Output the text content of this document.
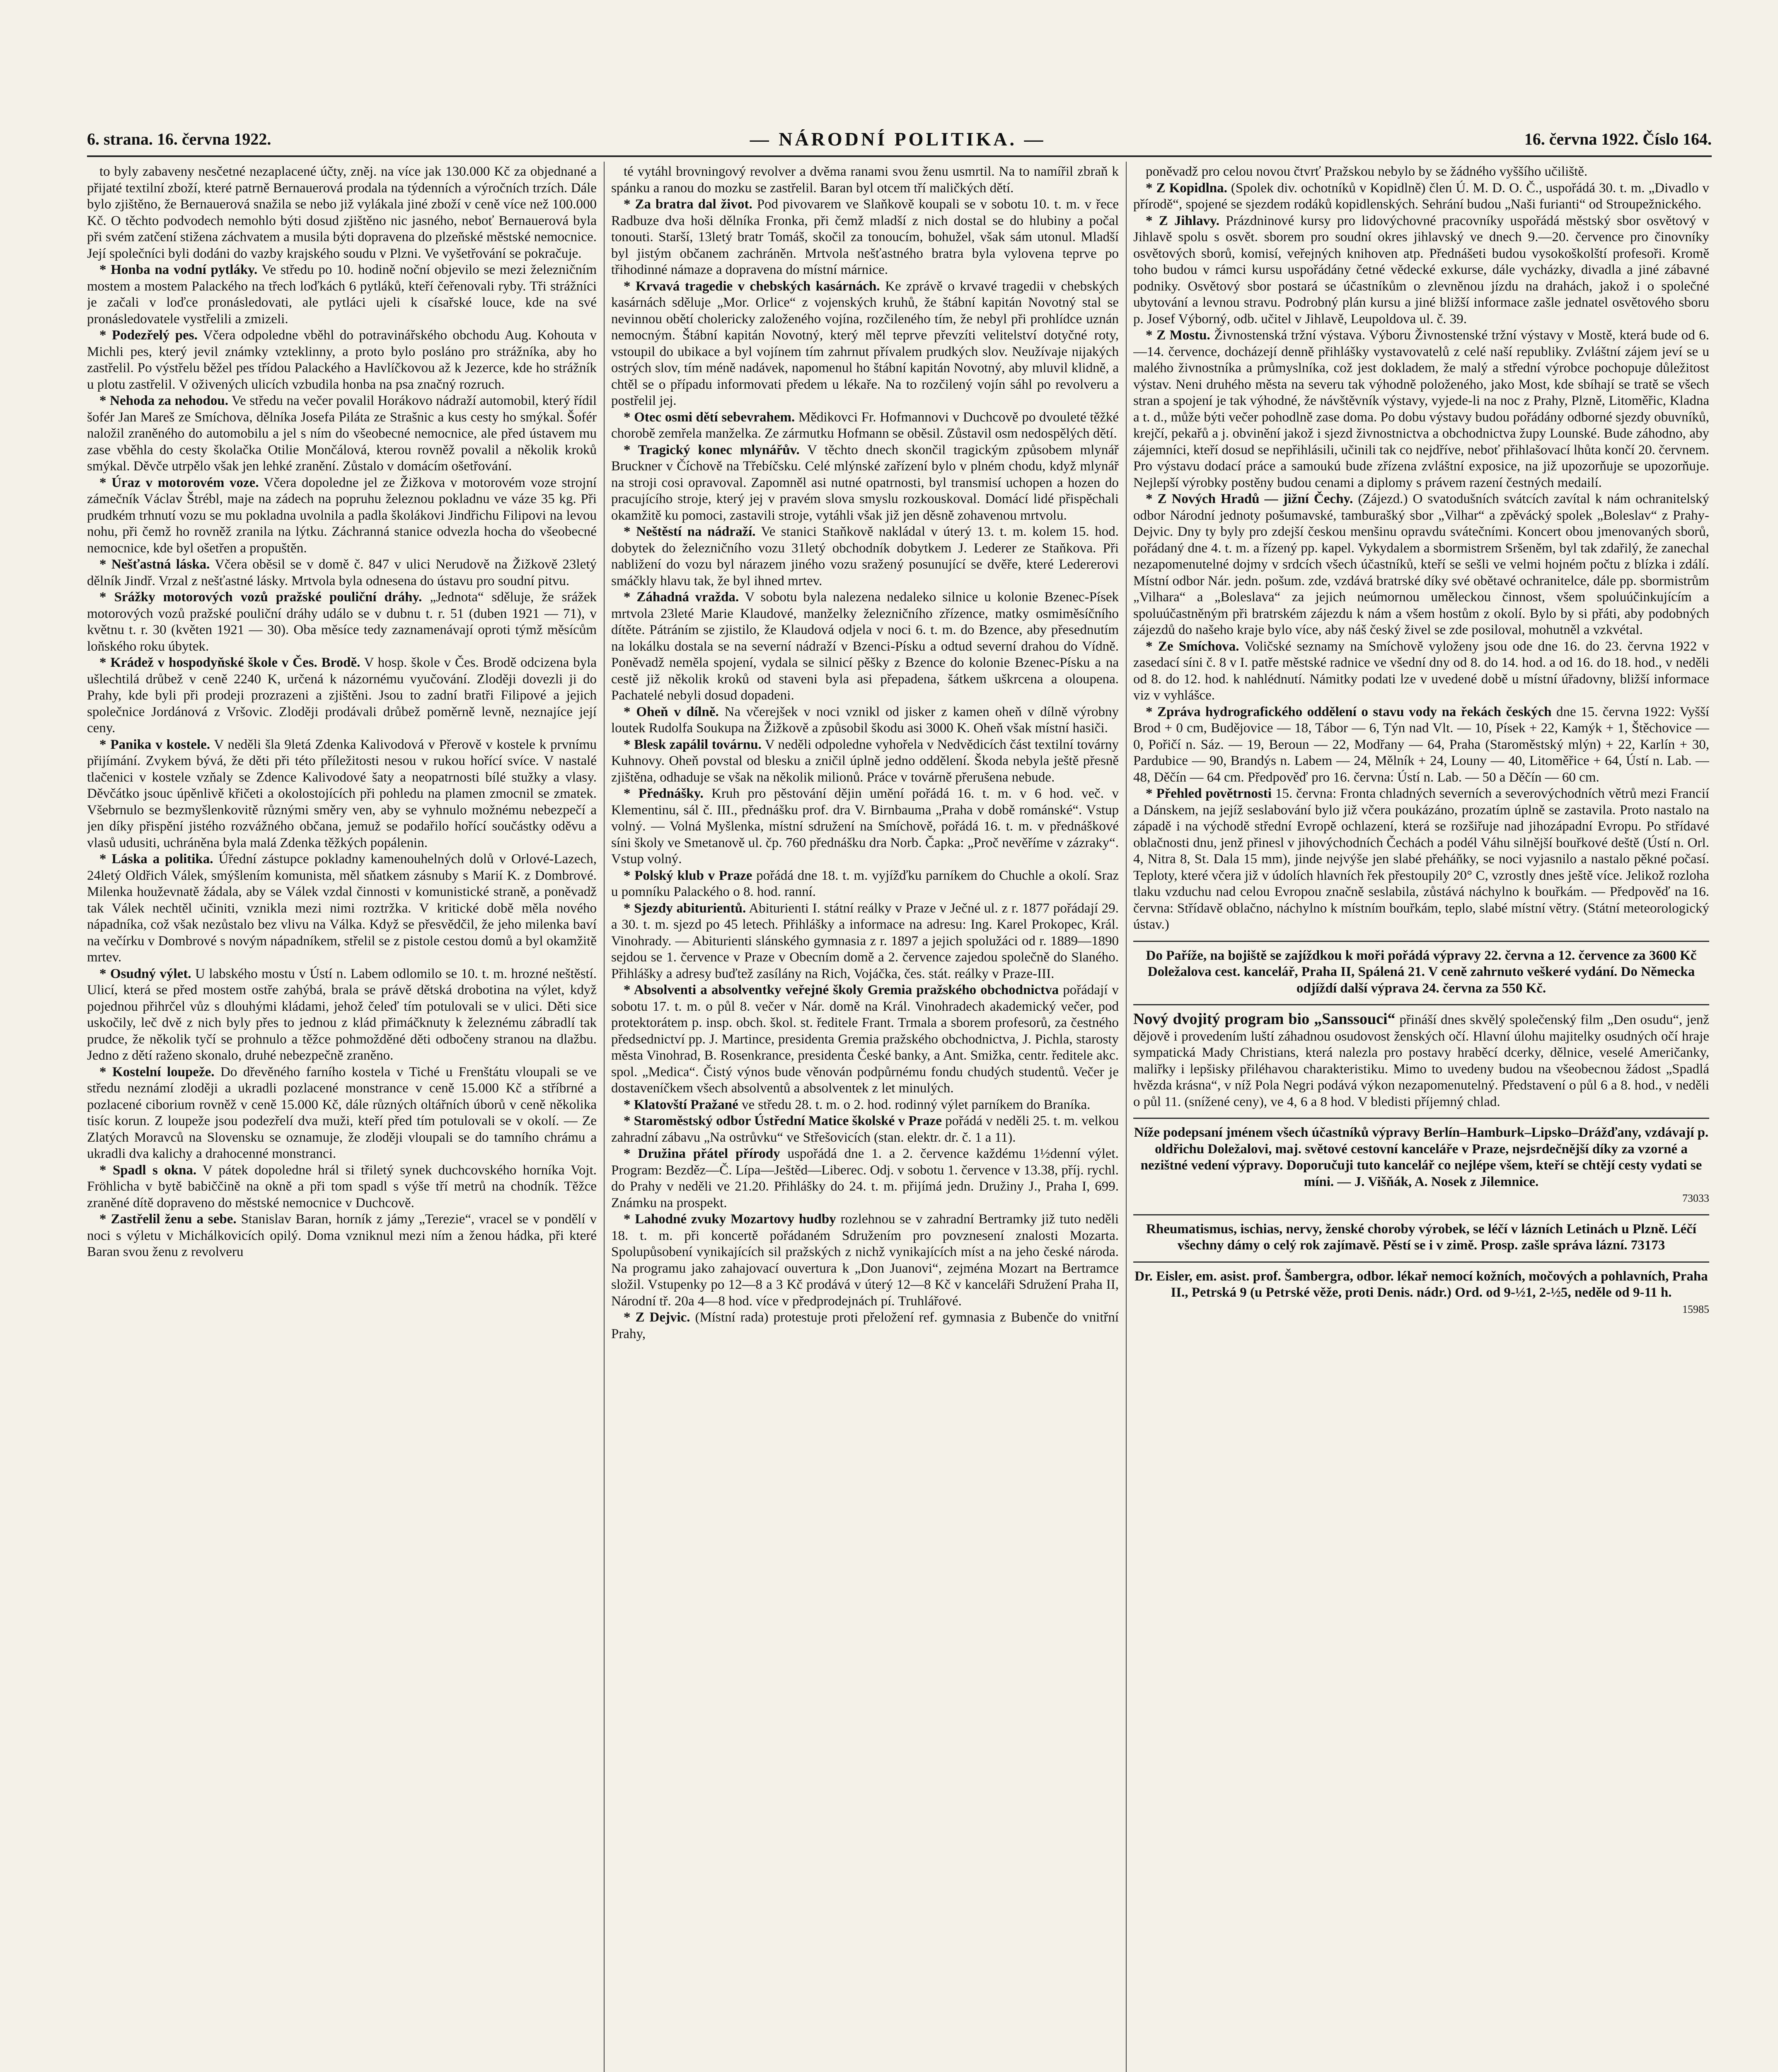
6. strana. 16. června 1922.	— NÁRODNÍ POLITIKA. —	16. června 1922. Číslo 164.

to byly zabaveny nesčetné nezaplacené účty, zněj. na více jak 130.000 Kč za objednané a přijaté textilní zboží, které patrně Bernauerová prodala na týdenních a výročních trzích. Dále bylo zjištěno, že Bernauerová snažila se nebo již vylákala jiné zboží v ceně více než 100.000 Kč. O těchto podvodech nemohlo býti dosud zjištěno nic jasného, neboť Bernauerová byla při svém zatčení stižena záchvatem a musila býti dopravena do plzeňské městské nemocnice. Její společníci byli dodáni do vazby krajského soudu v Plzni. Ve vyšetřování se pokračuje.

* Honba na vodní pytláky. Ve středu po 10. hodině noční objevilo se mezi železničním mostem a mostem Palackého na třech loďkách 6 pytláků, kteří čeřenovali ryby. Tři strážníci je začali v loďce pronásledovati, ale pytláci ujeli k císařské louce, kde na své pronásledovatele vystřelili a zmizeli.

* Podezřelý pes. Včera odpoledne vběhl do potravinářského obchodu Aug. Kohouta v Michli pes, který jevil známky vzteklinny, a proto bylo posláno pro strážníka, aby ho zastřelil. Po výstřelu běžel pes třídou Palackého a Havlíčkovou až k Jezerce, kde ho strážník u plotu zastřelil. V oživených ulicích vzbudila honba na psa značný rozruch.

* Nehoda za nehodou. Ve středu na večer povalil Horákovo nádraží automobil, který řídil šofér Jan Mareš ze Smíchova, dělníka Josefa Piláta ze Strašnic a kus cesty ho smýkal. Šofér naložil zraněného do automobilu a jel s ním do všeobecné nemocnice, ale před ústavem mu zase vběhla do cesty školačka Otilie Mončálová, kterou rovněž povalil a několik kroků smýkal. Děvče utrpělo však jen lehké zranění. Zůstalo v domácím ošetřování.

* Úraz v motorovém voze. Včera dopoledne jel ze Žižkova v motorovém voze strojní zámečník Václav Štrébl, maje na zádech na popruhu železnou pokladnu ve váze 35 kg. Při prudkém trhnutí vozu se mu pokladna uvolnila a padla školákovi Jindřichu Filipovi na levou nohu, při čemž ho rovněž zranila na lýtku. Záchranná stanice odvezla hocha do všeobecné nemocnice, kde byl ošetřen a propuštěn.

* Nešťastná láska. Včera oběsil se v domě č. 847 v ulici Nerudově na Žižkově 23letý dělník Jindř. Vrzal z nešťastné lásky. Mrtvola byla odnesena do ústavu pro soudní pitvu.

* Srážky motorových vozů pražské pouliční dráhy. „Jednota“ sděluje, že srážek motorových vozů pražské pouliční dráhy událo se v dubnu t. r. 51 (duben 1921 — 71), v květnu t. r. 30 (květen 1921 — 30). Oba měsíce tedy zaznamenávají oproti týmž měsícům loňského roku úbytek.

* Krádež v hospodyňské škole v Čes. Brodě. V hosp. škole v Čes. Brodě odcizena byla ušlechtilá drůbež v ceně 2240 K, určená k názornému vyučování. Zloději dovezli ji do Prahy, kde byli při prodeji prozrazeni a zjištěni. Jsou to zadní bratři Filipové a jejich společnice Jordánová z Vršovic. Zloději prodávali drůbež poměrně levně, neznajíce její ceny.

* Panika v kostele. V neděli šla 9letá Zdenka Kalivodová v Přerově v kostele k prvnímu přijímání. Zvykem bývá, že děti při této příležitosti nesou v rukou hořící svíce. V nastalé tlačenici v kostele vzňaly se Zdence Kalivodové šaty a neopatrnosti bílé stužky a vlasy. Děvčátko jsouc úpěnlivě křičeti a okolostojících při pohledu na plamen zmocnil se zmatek. Všebrnulo se bezmyšlenkovitě různými směry ven, aby se vyhnulo možnému nebezpečí a jen díky přispění jistého rozvážného občana, jemuž se podařilo hořící součástky oděvu a vlasů udusiti, uchráněna byla malá Zdenka těžkých popálenin.

* Láska a politika. Úřední zástupce pokladny kamenouhelných dolů v Orlové-Lazech, 24letý Oldřich Válek, smýšlením komunista, měl sňatkem zásnuby s Marií K. z Dombrové. Milenka houževnatě žádala, aby se Válek vzdal činnosti v komunistické straně, a poněvadž tak Válek nechtěl učiniti, vznikla mezi nimi roztržka. V kritické době měla nového nápadníka, což však nezůstalo bez vlivu na Válka. Když se přesvědčil, že jeho milenka baví na večírku v Dombrové s novým nápadníkem, střelil se z pistole cestou domů a byl okamžitě mrtev.

* Osudný výlet. U labského mostu v Ústí n. Labem odlomilo se 10. t. m. hrozné neštěstí. Ulicí, která se před mostem ostře zahýbá, brala se právě dětská drobotina na výlet, když pojednou přihrčel vůz s dlouhými kládami, jehož čeleď tím potulovali se v ulici. Děti sice uskočily, leč dvě z nich byly přes to jednou z klád přimáčknuty k železnému zábradlí tak prudce, že několik tyčí se prohnulo a těžce pohmožděné děti odbočeny stranou na dlažbu. Jedno z dětí raženo skonalo, druhé nebezpečně zraněno.

* Kostelní loupeže. Do dřevěného farního kostela v Tiché u Frenštátu vloupali se ve středu neznámí zloději a ukradli pozlacené monstrance v ceně 15.000 Kč a stříbrné a pozlacené ciborium rovněž v ceně 15.000 Kč, dále různých oltářních úborů v ceně několika tisíc korun. Z loupeže jsou podezřelí dva muži, kteří před tím potulovali se v okolí. — Ze Zlatých Moravců na Slovensku se oznamuje, že zloději vloupali se do tamního chrámu a ukradli dva kalichy a drahocenné monstranci.

* Spadl s okna. V pátek dopoledne hrál si třiletý synek duchcovského horníka Vojt. Fröhlicha v bytě babiččině na okně a při tom spadl s výše tří metrů na chodník. Těžce zraněné dítě dopraveno do městské nemocnice v Duchcově.

* Zastřelil ženu a sebe. Stanislav Baran, horník z jámy „Terezie“, vracel se v pondělí v noci s výletu v Michálkovicích opilý. Doma vzniknul mezi ním a ženou hádka, při které Baran svou ženu z revolveru

té vytáhl brovningový revolver a dvěma ranami svou ženu usmrtil. Na to namířil zbraň k spánku a ranou do mozku se zastřelil. Baran byl otcem tří maličkých dětí.

* Za bratra dal život. Pod pivovarem ve Slaňkově koupali se v sobotu 10. t. m. v řece Radbuze dva hoši dělníka Fronka, při čemž mladší z nich dostal se do hlubiny a počal tonouti. Starší, 13letý bratr Tomáš, skočil za tonoucím, bohužel, však sám utonul. Mladší byl jistým občanem zachráněn. Mrtvola nešťastného bratra byla vylovena teprve po třihodinné námaze a dopravena do místní márnice.

* Krvavá tragedie v chebských kasárnách. Ke zprávě o krvavé tragedii v chebských kasárnách sděluje „Mor. Orlice“ z vojenských kruhů, že štábní kapitán Novotný stal se nevinnou obětí cholericky založeného vojína, rozčileného tím, že nebyl při prohlídce uznán nemocným. Štábní kapitán Novotný, který měl teprve převzíti velitelství dotyčné roty, vstoupil do ubikace a byl vojínem tím zahrnut přívalem prudkých slov. Neužívaje nijakých ostrých slov, tím méně nadávek, napomenul ho štábní kapitán Novotný, aby mluvil klidně, a chtěl se o případu informovati předem u lékaře. Na to rozčilený vojín sáhl po revolveru a postřelil jej.

* Otec osmi dětí sebevrahem. Mědikovci Fr. Hofmannovi v Duchcově po dvouleté těžké chorobě zemřela manželka. Ze zármutku Hofmann se oběsil. Zůstavil osm nedospělých dětí.

* Tragický konec mlynářův. V těchto dnech skončil tragickým způsobem mlynář Bruckner v Číchově na Třebíčsku. Celé mlýnské zařízení bylo v plném chodu, když mlynář na stroji cosi opravoval. Zapomněl asi nutné opatrnosti, byl transmisí uchopen a hozen do pracujícího stroje, který jej v pravém slova smyslu rozkouskoval. Domácí lidé přispěchali okamžitě ku pomoci, zastavili stroje, vytáhli však již jen děsně zohavenou mrtvolu.

* Neštěstí na nádraží. Ve stanici Staňkově nakládal v úterý 13. t. m. kolem 15. hod. dobytek do železničního vozu 31letý obchodník dobytkem J. Lederer ze Staňkova. Při nabližení do vozu byl nárazem jiného vozu sražený posunující se dvěře, které Ledererovi smáčkly hlavu tak, že byl ihned mrtev.

* Záhadná vražda. V sobotu byla nalezena nedaleko silnice u kolonie Bzenec-Písek mrtvola 23leté Marie Klaudové, manželky železničního zřízence, matky osmiměsíčního dítěte. Pátráním se zjistilo, že Klaudová odjela v noci 6. t. m. do Bzence, aby přesednutím na lokálku dostala se na severní nádraží v Bzenci-Písku a odtud severní drahou do Vídně. Poněvadž neměla spojení, vydala se silnicí pěšky z Bzence do kolonie Bzenec-Písku a na cestě již několik kroků od staveni byla asi přepadena, šátkem uškrcena a oloupena. Pachatelé nebyli dosud dopadeni.

* Oheň v dílně. Na včerejšek v noci vznikl od jisker z kamen oheň v dílně výrobny loutek Rudolfa Soukupa na Žižkově a způsobil škodu asi 3000 K. Oheň však místní hasiči.

* Blesk zapálil továrnu. V neděli odpoledne vyhořela v Nedvědicích část textilní továrny Kuhnovy. Oheň povstal od blesku a zničil úplně jedno oddělení. Škoda nebyla ještě přesně zjištěna, odhaduje se však na několik milionů. Práce v továrně přerušena nebude.

* Přednášky. Kruh pro pěstování dějin umění pořádá 16. t. m. v 6 hod. več. v Klementinu, sál č. III., přednášku prof. dra V. Birnbauma „Praha v době románské“. Vstup volný. — Volná Myšlenka, místní sdružení na Smíchově, pořádá 16. t. m. v přednáškové síni školy ve Smetanově ul. čp. 760 přednášku dra Norb. Čapka: „Proč nevěříme v zázraky“. Vstup volný.

* Polský klub v Praze pořádá dne 18. t. m. vyjížďku parníkem do Chuchle a okolí. Sraz u pomníku Palackého o 8. hod. ranní.

* Sjezdy abiturientů. Abiturienti I. státní reálky v Praze v Ječné ul. z r. 1877 pořádají 29. a 30. t. m. sjezd po 45 letech. Přihlášky a informace na adresu: Ing. Karel Prokopec, Král. Vinohrady. — Abiturienti slánského gymnasia z r. 1897 a jejich spolužáci od r. 1889—1890 sejdou se 1. července v Praze v Obecním domě a 2. července zajedou společně do Slaného. Přihlášky a adresy buďtež zasílány na Rich, Vojáčka, čes. stát. reálky v Praze-III.

* Absolventi a absolventky veřejné školy Gremia pražského obchodnictva pořádají v sobotu 17. t. m. o půl 8. večer v Nár. domě na Král. Vinohradech akademický večer, pod protektorátem p. insp. obch. škol. st. ředitele Frant. Trmala a sborem profesorů, za čestného předsednictví pp. J. Martince, presidenta Gremia pražského obchodnictva, J. Pichla, starosty města Vinohrad, B. Rosenkrance, presidenta České banky, a Ant. Smižka, centr. ředitele akc. spol. „Medica“. Čistý výnos bude věnován podpůrnému fondu chudých studentů. Večer je dostaveníčkem všech absolventů a absolventek z let minulých.

* Klatovští Pražané ve středu 28. t. m. o 2. hod. rodinný výlet parníkem do Braníka.

* Staroměstský odbor Ústřední Matice školské v Praze pořádá v neděli 25. t. m. velkou zahradní zábavu „Na ostrůvku“ ve Střešovicích (stan. elektr. dr. č. 1 a 11).

* Družina přátel přírody uspořádá dne 1. a 2. července každému 1½denní výlet. Program: Bezděz—Č. Lípa—Ještěd—Liberec. Odj. v sobotu 1. července v 13.38, příj. rychl. do Prahy v neděli ve 21.20. Přihlášky do 24. t. m. přijímá jedn. Družiny J., Praha I, 699. Známku na prospekt.

* Lahodné zvuky Mozartovy hudby rozlehnou se v zahradní Bertramky již tuto neděli 18. t. m. při koncertě pořádaném Sdružením pro povznesení znalosti Mozarta. Spolupůsobení vynikajících sil pražských z nichž vynikajících míst a na jeho české národa. Na programu jako zahajovací ouvertura k „Don Juanovi“, zejména Mozart na Bertramce složil. Vstupenky po 12—8 a 3 Kč prodává v úterý 12—8 Kč v kanceláři Sdružení Praha II, Národní tř. 20a 4—8 hod. více v předprodejnách pí. Truhlářové.

* Z Dejvic. (Místní rada) protestuje proti přeložení ref. gymnasia z Bubenče do vnitřní Prahy,

poněvadž pro celou novou čtvrť Pražskou nebylo by se žádného vyššího učiliště.

* Z Kopidlna. (Spolek div. ochotníků v Kopidlně) člen Ú. M. D. O. Č., uspořádá 30. t. m. „Divadlo v přírodě“, spojené se sjezdem rodáků kopidlenských. Sehrání budou „Naši furianti“ od Stroupežnického.

* Z Jihlavy. Prázdninové kursy pro lidovýchovné pracovníky uspořádá městský sbor osvětový v Jihlavě spolu s osvět. sborem pro soudní okres jihlavský ve dnech 9.—20. července pro činovníky osvětových sborů, komisí, veřejných knihoven atp. Přednášeti budou vysokoškolští profesoři. Kromě toho budou v rámci kursu uspořádány četné vědecké exkurse, dále vycházky, divadla a jiné zábavné podniky. Osvětový sbor postará se účastníkům o zlevněnou jízdu na drahách, jakož i o společné ubytování a levnou stravu. Podrobný plán kursu a jiné bližší informace zašle jednatel osvětového sboru p. Josef Výborný, odb. učitel v Jihlavě, Leupoldova ul. č. 39.

* Z Mostu. Živnostenská tržní výstava. Výboru Živnostenské tržní výstavy v Mostě, která bude od 6.—14. července, docházejí denně přihlášky vystavovatelů z celé naší republiky. Zvláštní zájem jeví se u malého živnostníka a průmyslníka, což jest dokladem, že malý a střední výrobce pochopuje důležitost výstav. Neni druhého města na severu tak výhodně položeného, jako Most, kde sbíhají se tratě se všech stran a spojení je tak výhodné, že návštěvník výstavy, vyjede-li na noc z Prahy, Plzně, Litoměřic, Kladna a t. d., může býti večer pohodlně zase doma. Po dobu výstavy budou pořádány odborné sjezdy obuvníků, krejčí, pekařů a j. obvinění jakož i sjezd živnostnictva a obchodnictva župy Lounské. Bude záhodno, aby zájemníci, kteří dosud se nepřihlásili, učinili tak co nejdříve, neboť přihlašovací lhůta končí 20. červnem. Pro výstavu dodací práce a samoukú bude zřízena zvláštní exposice, na již upozorňuje se upozorňuje. Nejlepší výrobky postěny budou cenami a diplomy s právem razení čestných medailí.

* Z Nových Hradů — jižní Čechy. (Zájezd.) O svatodušních svátcích zavítal k nám ochranitelský odbor Národní jednoty pošumavské, tamburašký sbor „Vilhar“ a zpěvácký spolek „Boleslav“ z Prahy-Dejvic. Dny ty byly pro zdejší českou menšinu opravdu svátečními. Koncert obou jmenovaných sborů, pořádaný dne 4. t. m. a řízený pp. kapel. Vykydalem a sbormistrem Sršeněm, byl tak zdařilý, že zanechal nezapomenutelné dojmy v srdcích všech účastníků, kteří se sešli ve velmi hojném počtu z blízka i zdálí. Místní odbor Nár. jedn. pošum. zde, vzdává bratrské díky své obětavé ochranitelce, dále pp. sbormistrům „Vilhara“ a „Boleslava“ za jejich neúmornou uměleckou činnost, všem spoluúčinkujícím a spoluúčastněným při bratrském zájezdu k nám a všem hostům z okolí. Bylo by si přáti, aby podobných zájezdů do našeho kraje bylo více, aby náš český živel se zde posiloval, mohutněl a vzkvétal.

* Ze Smíchova. Voličské seznamy na Smíchově vyloženy jsou ode dne 16. do 23. června 1922 v zasedací síni č. 8 v I. patře městské radnice ve všední dny od 8. do 14. hod. a od 16. do 18. hod., v neděli od 8. do 12. hod. k nahlédnutí. Námitky podati lze v uvedené době u místní úřadovny, bližší informace viz v vyhlášce.

* Zpráva hydrografického oddělení o stavu vody na řekách českých dne 15. června 1922: Vyšší Brod + 0 cm, Budějovice — 18, Tábor — 6, Týn nad Vlt. — 10, Písek + 22, Kamýk + 1, Štěchovice — 0, Pořičí n. Sáz. — 19, Beroun — 22, Modřany — 64, Praha (Staroměstský mlýn) + 22, Karlín + 30, Pardubice — 90, Brandýs n. Labem — 24, Mělník + 24, Louny — 40, Litoměřice + 64, Ústí n. Lab. — 48, Děčín — 64 cm. Předpověď pro 16. června: Ústí n. Lab. — 50 a Děčín — 60 cm.

* Přehled povětrnosti 15. června: Fronta chladných severních a severovýchodních větrů mezi Francií a Dánskem, na jejíž seslabování bylo již včera poukázáno, prozatím úplně se zastavila. Proto nastalo na západě i na východě střední Evropě ochlazení, která se rozšiřuje nad jihozápadní Evropu. Po střídavé oblačnosti dnu, jenž přinesl v jihovýchodních Čechách a podél Váhu silnější bouřkové deště (Ústí n. Orl. 4, Nitra 8, St. Dala 15 mm), jinde nejvýše jen slabé přeháňky, se noci vyjasnilo a nastalo pěkné počasí. Teploty, které včera již v údolích hlavních řek přestoupily 20° C, vzrostly dnes ještě více. Jelikož rozloha tlaku vzduchu nad celou Evropou značně seslabila, zůstává náchylno k bouřkám. — Předpověď na 16. června: Střídavě oblačno, náchylno k místním bouřkám, teplo, slabé místní větry. (Státní meteorologický ústav.)

Do Paříže, na bojiště se zajíždkou k moři pořádá výpravy 22. června a 12. července za 3600 Kč Doležalova cest. kancelář, Praha II, Spálená 21. V ceně zahrnuto veškeré vydání. Do Německa odjíždí další výprava 24. června za 550 Kč.
Nový dvojitý program bio „Sanssouci“ přináší dnes skvělý společenský film „Den osudu“, jenž dějově i provedením luští záhadnou osudovost ženských očí. Hlavní úlohu majitelky osudných očí hraje sympatická Mady Christians, která nalezla pro postavy hraběcí dcerky, dělnice, veselé Američanky, maliřky i lepšisky přiléhavou charakteristiku. Mimo to uvedeny budou na všeobecnou žádost „Spadlá hvězda krásna“, v níž Pola Negri podává výkon nezapomenutelný. Představení o půl 6 a 8. hod., v neděli o půl 11. (snížené ceny), ve 4, 6 a 8 hod. V bledisti příjemný chlad.
Níže podepsaní jménem všech účastníků výpravy Berlín–Hamburk–Lipsko–Drážďany, vzdávají p. oldřichu Doležalovi, maj. světové cestovní kanceláře v Praze, nejsrdečnější díky za vzorné a nezištné vedení výpravy. Doporučuji tuto kancelář co nejlépe všem, kteří se chtějí cesty vydati se míni. — J. Višňák, A. Nosek z Jilemnice.
73033
Rheumatismus, ischias, nervy, ženské choroby výrobek, se léčí v lázních Letinách u Plzně. Léčí všechny dámy o celý rok zajímavě. Pěstí se i v zimě. Prosp. zašle správa lázní. 73173
Dr. Eisler, em. asist. prof. Šambergra, odbor. lékař nemocí kožních, močových a pohlavních, Praha II., Petrská 9 (u Petrské věže, proti Denis. nádr.) Ord. od 9-½1, 2-½5, neděle od 9-11 h.
15985
